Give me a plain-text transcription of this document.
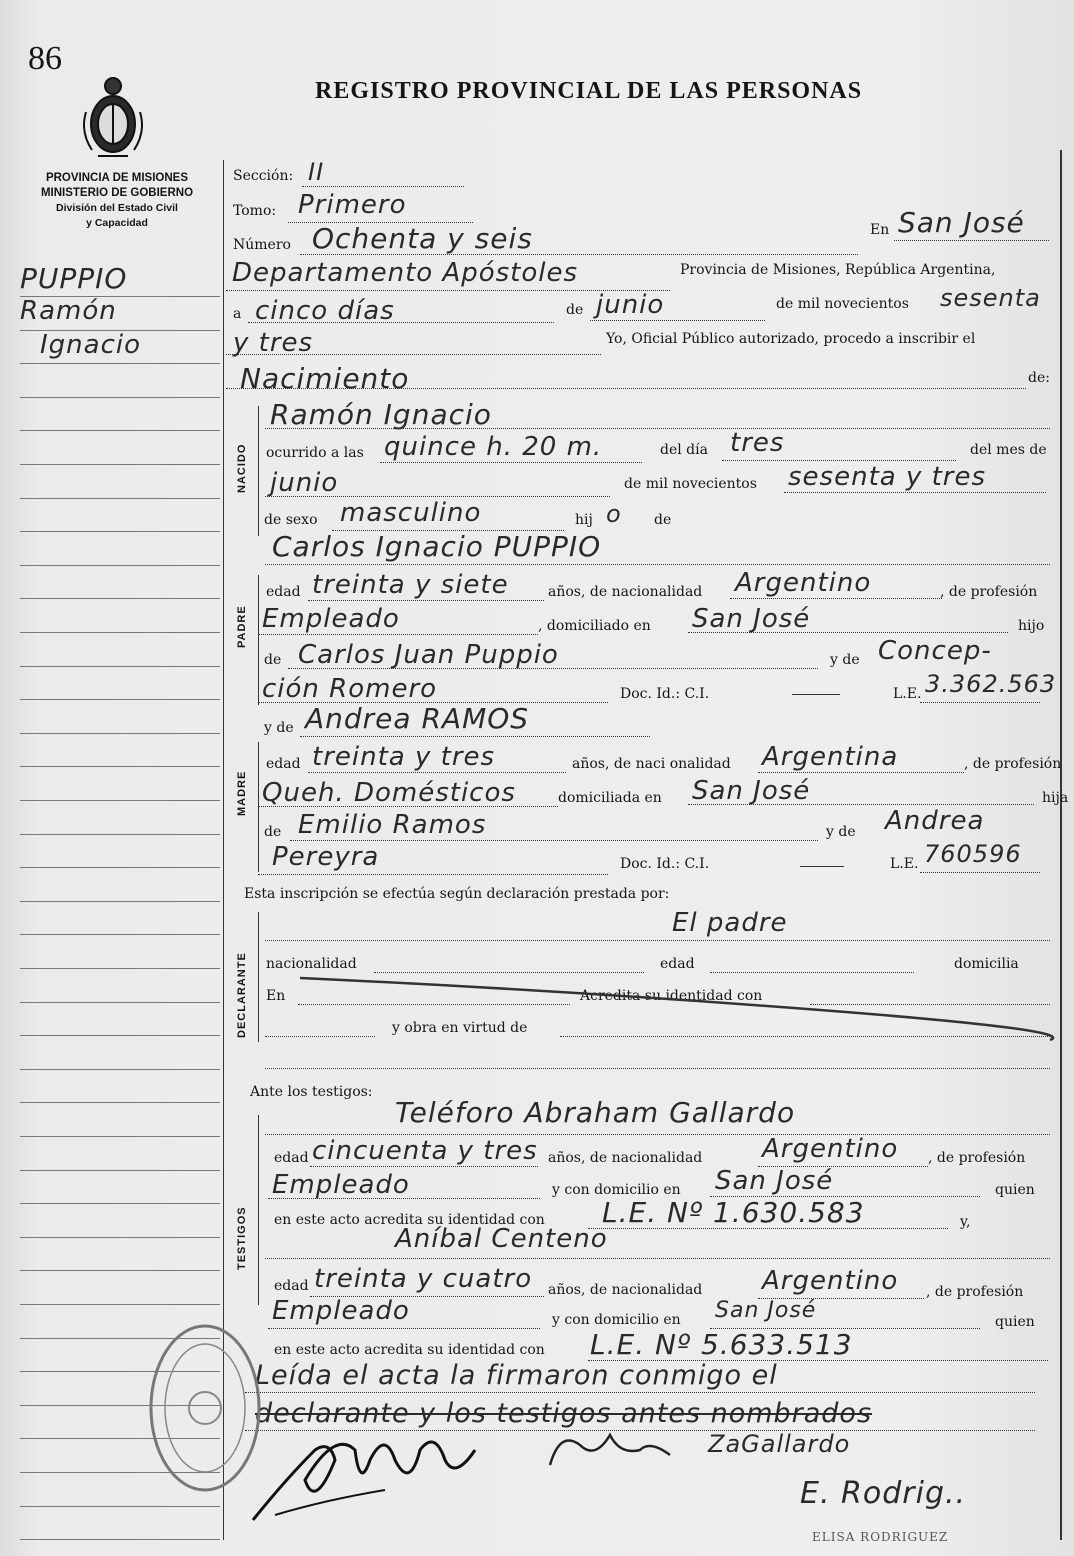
86
REGISTRO PROVINCIAL DE LAS PERSONAS
PROVINCIA DE MISIONES
MINISTERIO DE GOBIERNO
División del Estado Civil
y Capacidad
PUPPIO
Ramón
Ignacio
NACIDO
PADRE
MADRE
DECLARANTE
TESTIGOS
Sección: II
Tomo: Primero
Número Ochenta y seis	En San José
Departamento Apóstoles	Provincia de Misiones, República Argentina,
a cinco días	de junio	de mil novecientos sesenta
y tres	Yo, Oficial Público autorizado, procedo a inscribir el
Nacimiento	de:
Ramón Ignacio
ocurrido a las quince h. 20 m.	del día tres	del mes de
junio	de mil novecientos sesenta y tres
de sexo masculino	hij o de
Carlos Ignacio PUPPIO
edad treinta y siete	años, de nacionalidad Argentino	, de profesión
Empleado	, domiciliado en San José	hijo
de Carlos Juan Puppio	y de Concep-
ción Romero	Doc. Id.: C.I.	L.E. 3.362.563
y de Andrea RAMOS
edad treinta y tres	años, de naci onalidad Argentina	, de profesión
Queh. Domésticos	domiciliada en San José	hija
de Emilio Ramos	y de Andrea
Pereyra	Doc. Id.: C.I.	L.E. 760596
Esta inscripción se efectúa según declaración prestada por:
El padre
nacionalidad	edad	domicilia
En	Acredita su identidad con
y obra en virtud de
Ante los testigos:
Teléforo Abraham Gallardo
edad cincuenta y tres años, de nacionalidad Argentino , de profesión
Empleado	y con domicilio en San José	quien
en este acto acredita su identidad con L.E. Nº 1.630.583	y,
Aníbal Centeno
edad treinta y cuatro años, de nacionalidad Argentino , de profesión
Empleado	y con domicilio en San José	quien
en este acto acredita su identidad con L.E. Nº 5.633.513
Leída el acta la firmaron conmigo el
declarante y los testigos antes nombrados
ZaGallardo
E. Rodrig..
ELISA RODRIGUEZ
